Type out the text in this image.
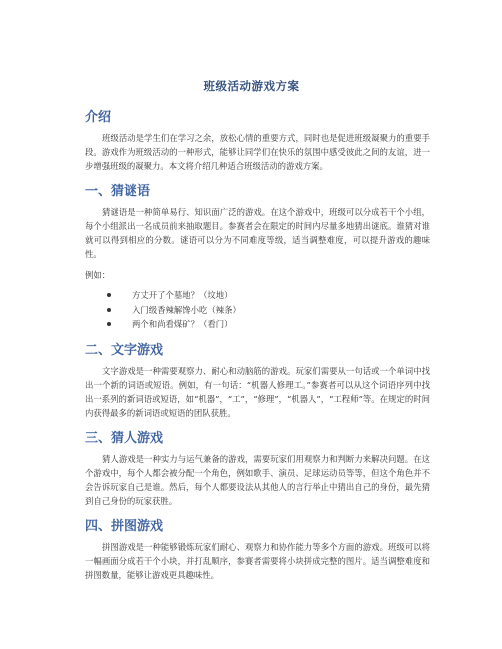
班级活动游戏方案
介绍

班级活动是学生们在学习之余，放松心情的重要方式，同时也是促进班级凝聚力的重要手段。游戏作为班级活动的一种形式，能够让同学们在快乐的氛围中感受彼此之间的友谊，进一步增强班级的凝聚力。本文将介绍几种适合班级活动的游戏方案。

一、猜谜语

猜谜语是一种简单易行、知识面广泛的游戏。在这个游戏中，班级可以分成若干个小组，每个小组派出一名成员前来抽取题目。参赛者会在限定的时间内尽量多地猜出谜底。谁猜对谁就可以得到相应的分数。谜语可以分为不同难度等级，适当调整难度，可以提升游戏的趣味性。

例如：

方丈开了个墓地？（坟地）
入门级香辣解馋小吃（辣条）
两个和尚看煤矿？（看门）
二、文字游戏

文字游戏是一种需要观察力、耐心和动脑筋的游戏。玩家们需要从一句话或一个单词中找出一个新的词语或短语。例如，有一句话：“机器人修理工。”参赛者可以从这个词语序列中找出一系列的新词语或短语，如“机器”，“工”，“修理”，“机器人”，“工程师”等。在规定的时间内获得最多的新词语或短语的团队获胜。

三、猜人游戏

猜人游戏是一种实力与运气兼备的游戏，需要玩家们用观察力和判断力来解决问题。在这个游戏中，每个人都会被分配一个角色，例如歌手、演员、足球运动员等等，但这个角色并不会告诉玩家自己是谁。然后，每个人都要设法从其他人的言行举止中猜出自己的身份，最先猜到自己身份的玩家获胜。

四、拼图游戏

拼图游戏是一种能够锻炼玩家们耐心、观察力和协作能力等多个方面的游戏。班级可以将一幅画面分成若干个小块，并打乱顺序，参赛者需要将小块拼成完整的图片。适当调整难度和拼图数量，能够让游戏更具趣味性。
